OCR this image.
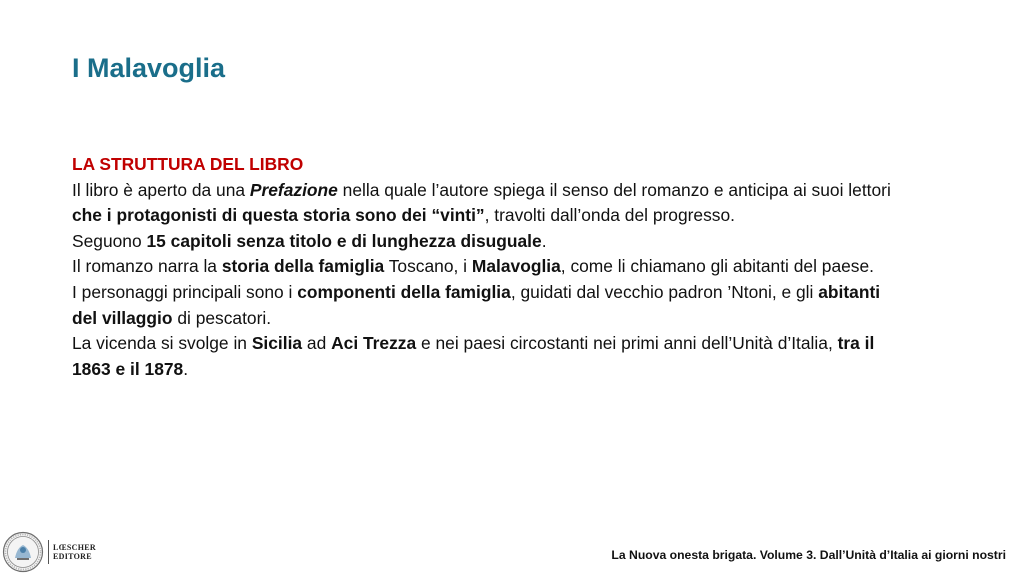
I Malavoglia
LA STRUTTURA DEL LIBRO
Il libro è aperto da una Prefazione nella quale l’autore spiega il senso del romanzo e anticipa ai suoi lettori che i protagonisti di questa storia sono dei “vinti”, travolti dall’onda del progresso.
Seguono 15 capitoli senza titolo e di lunghezza disuguale.
Il romanzo narra la storia della famiglia Toscano, i Malavoglia, come li chiamano gli abitanti del paese.
I personaggi principali sono i componenti della famiglia, guidati dal vecchio padron ’Ntoni, e gli abitanti del villaggio di pescatori.
La vicenda si svolge in Sicilia ad Aci Trezza e nei paesi circostanti nei primi anni dell’Unità d’Italia, tra il 1863 e il 1878.
LŒSCHER
EDITORE	La Nuova onesta brigata. Volume 3. Dall’Unità d’Italia ai giorni nostri
